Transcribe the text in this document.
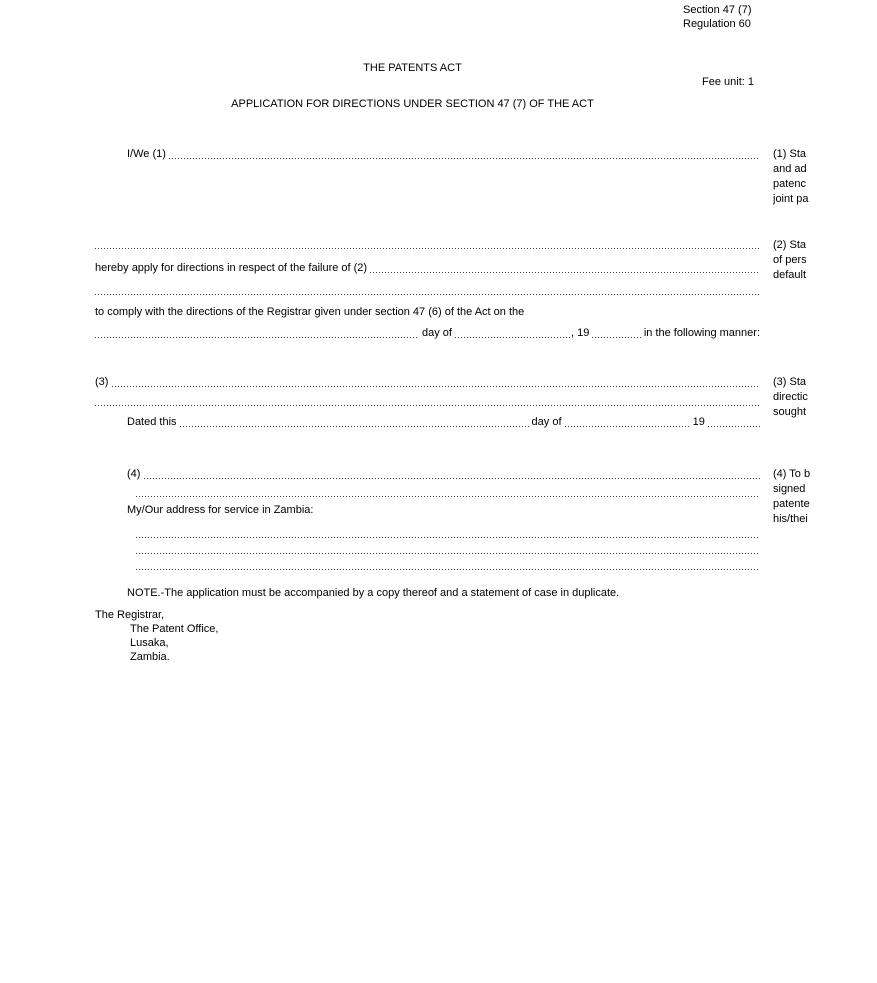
Section 47 (7)
Regulation 60
THE PATENTS ACT
Fee unit: 1
APPLICATION FOR DIRECTIONS UNDER SECTION 47 (7) OF THE ACT
I/We (1)	(1) Sta
and ad
patenc
joint pa
(2) Sta
of pers
default
hereby apply for directions in respect of the failure of (2)
to comply with the directions of the Registrar given under section 47 (6) of the Act on the
day of	, 19	in the following manner:
(3)	(3) Sta
directic
sought
Dated this	day of	19
(4)	(4) To b
signed
patente
his/thei
My/Our address for service in Zambia:
NOTE.-The application must be accompanied by a copy thereof and a statement of case in duplicate.
The Registrar,
The Patent Office,
Lusaka,
Zambia.
